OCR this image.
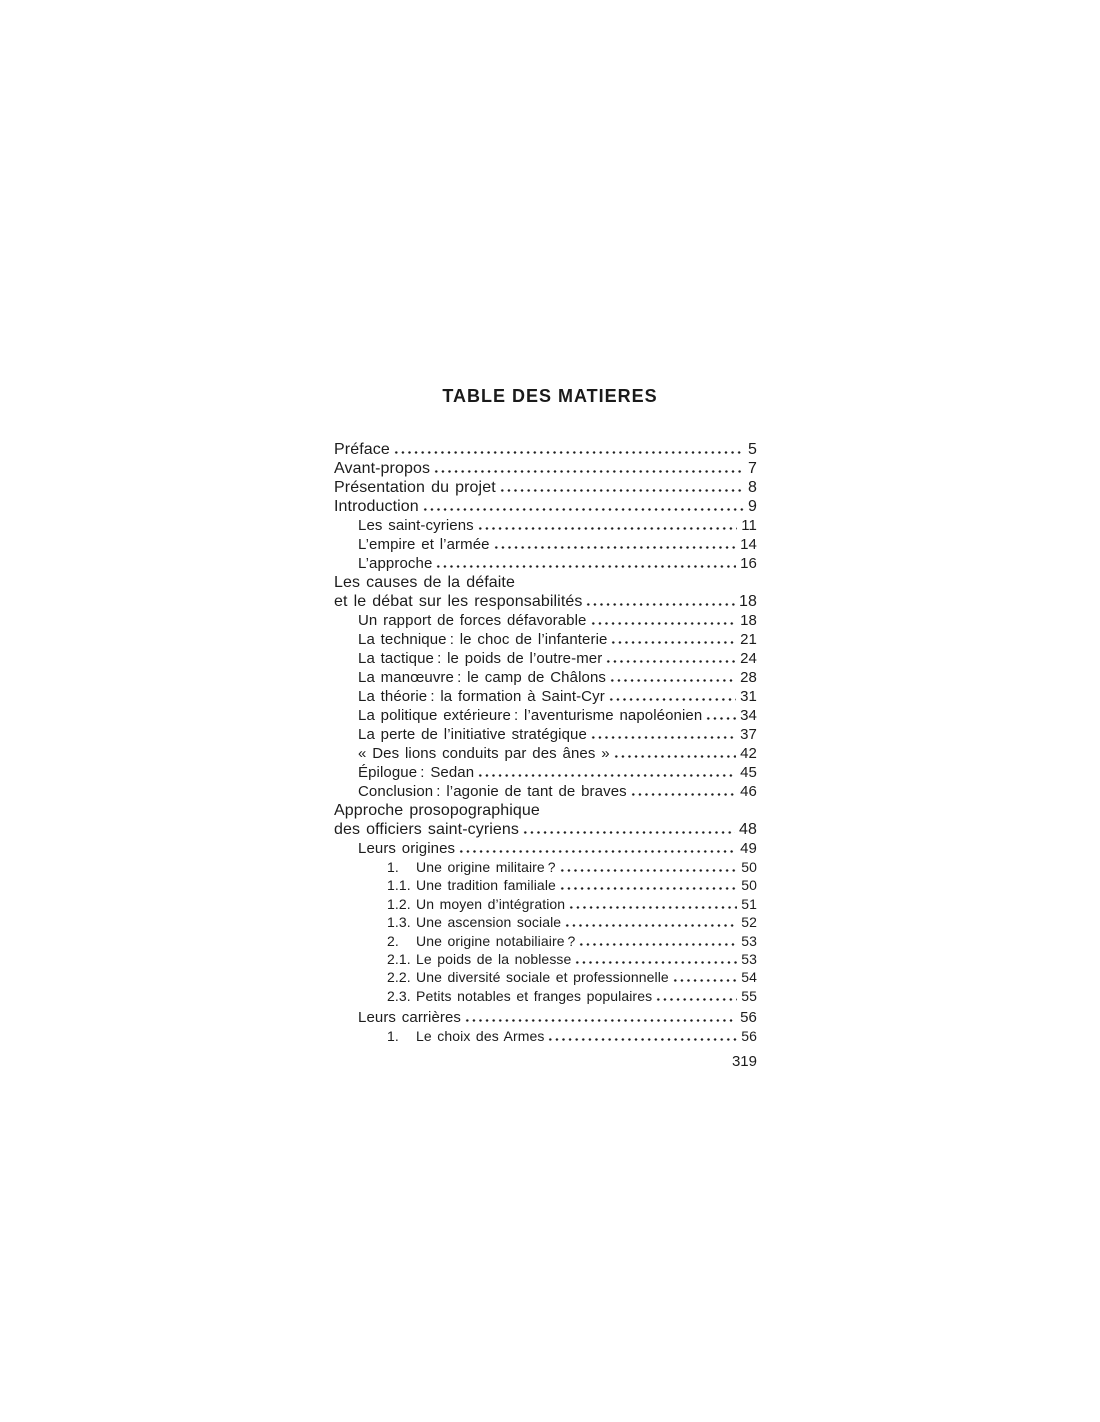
TABLE DES MATIERES
Préface	5
Avant-propos	7
Présentation du projet	8
Introduction	9
Les saint-cyriens	11
L’empire et l’armée	14
L’approche	16
Les causes de la défaite
et le débat sur les responsabilités	18
Un rapport de forces défavorable	18
La technique : le choc de l’infanterie	21
La tactique : le poids de l’outre-mer	24
La manœuvre : le camp de Châlons	28
La théorie : la formation à Saint-Cyr	31
La politique extérieure : l’aventurisme napoléonien	34
La perte de l’initiative stratégique	37
« Des lions conduits par des ânes »	42
Épilogue : Sedan	45
Conclusion : l’agonie de tant de braves	46
Approche prosopographique
des officiers saint-cyriens	48
Leurs origines	49
1.	Une origine militaire ?	50
1.1. Une tradition familiale	50
1.2. Un moyen d’intégration	51
1.3. Une ascension sociale	52
2.	Une origine notabiliaire ?	53
2.1. Le poids de la noblesse	53
2.2. Une diversité sociale et professionnelle	54
2.3. Petits notables et franges populaires	55
Leurs carrières	56
1.	Le choix des Armes	56
319
